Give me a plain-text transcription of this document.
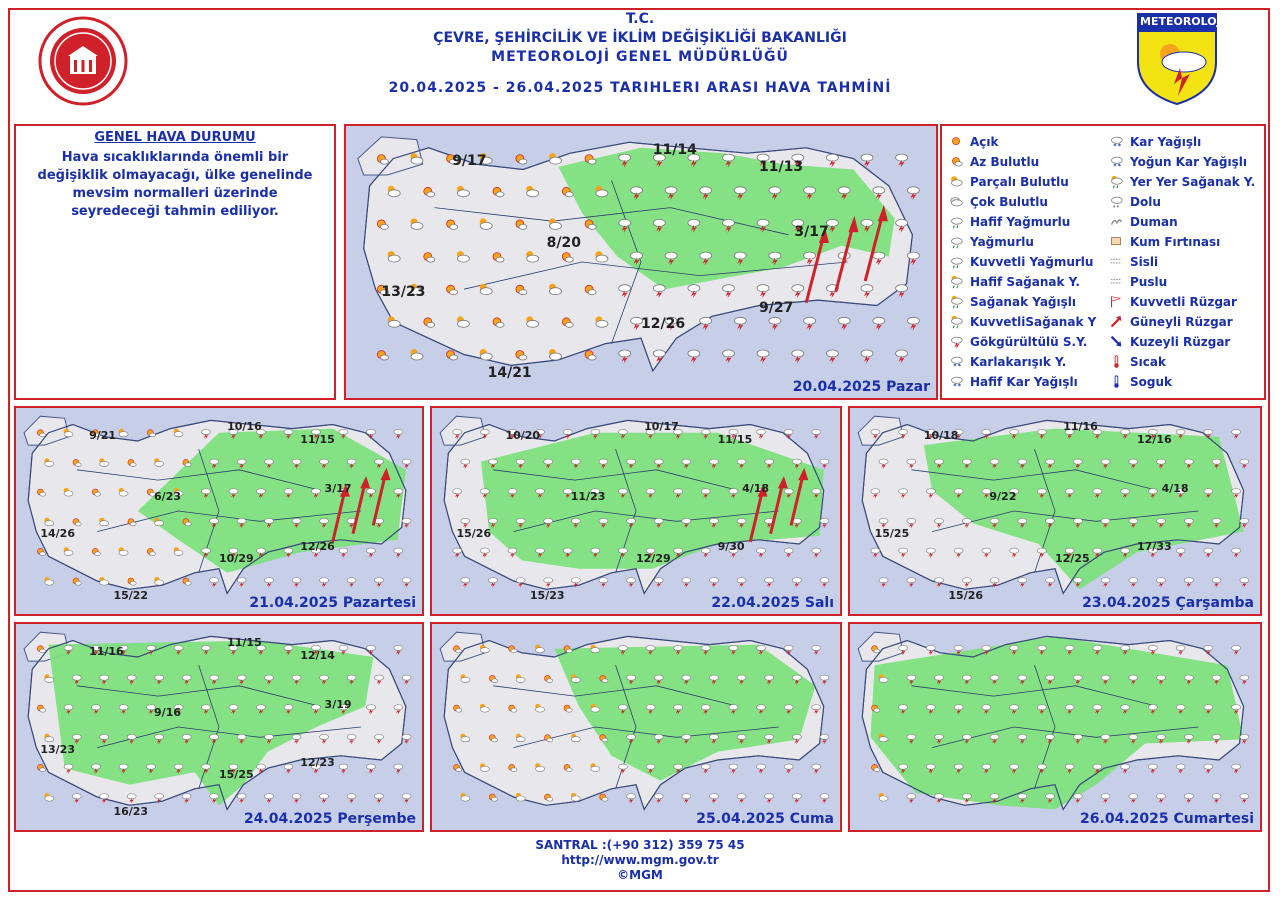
T.C.
ÇEVRE, ŞEHİRCİLİK VE İKLİM DEĞİŞİKLİĞİ BAKANLIĞI
METEOROLOJİ GENEL MÜDÜRLÜĞÜ
20.04.2025 - 26.04.2025 TARIHLERI ARASI HAVA TAHMİNİ
METEOROLOJİ
GENEL HAVA DURUMU
Hava sıcaklıklarında önemli bir değişiklik olmayacağı, ülke genelinde mevsim normalleri üzerinde seyredeceği tahmin ediliyor.
Açık
Az Bulutlu
Parçalı Bulutlu
Çok Bulutlu
Hafif Yağmurlu
Yağmurlu
Kuvvetli Yağmurlu
Hafif Sağanak Y.
Sağanak Yağışlı
KuvvetliSağanak Y
Gökgürültülü S.Y.
* * Karlakarışık Y.
* * Hafif Kar Yağışlı
* * Kar Yağışlı
* * Yoğun Kar Yağışlı
Yer Yer Sağanak Y.
Dolu
Duman
Kum Fırtınası
Sisli
Puslu
Kuvvetli Rüzgar
Güneyli Rüzgar
Kuzeyli Rüzgar
Sıcak
Soguk
9/17
11/14
11/13
8/20
3/17
13/23
12/26
9/27
14/21
20.04.2025 Pazar
9/21
10/16
11/15
6/23
3/17
14/26
10/29
12/26
15/22	21.04.2025 Pazartesi
10/20
10/17
11/15
11/23
4/18
15/26
12/29
9/30
15/23	22.04.2025 Salı
10/18
11/16
12/16
9/22
4/18
15/25
12/25
17/33
15/26	23.04.2025 Çarşamba
11/16
11/15
12/14
9/16
3/19
13/23
15/25
12/23
16/23	24.04.2025 Perşembe	25.04.2025 Cuma	26.04.2025 Cumartesi
SANTRAL :(+90 312) 359 75 45
http://www.mgm.gov.tr
©MGM
